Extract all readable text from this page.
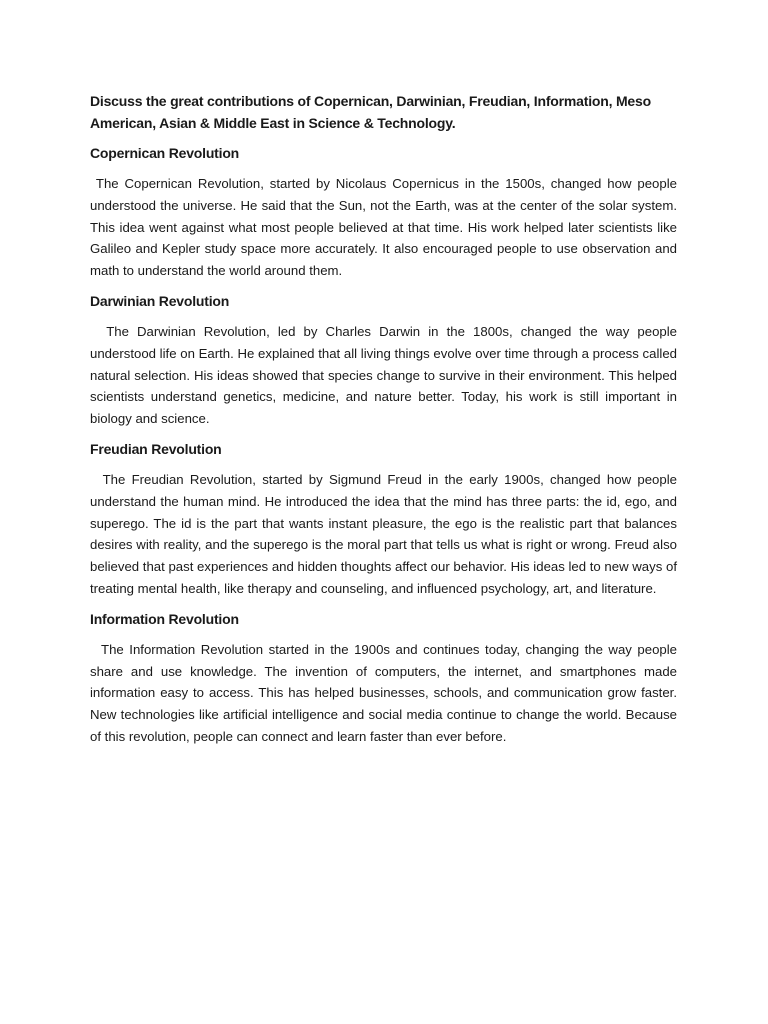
Discuss the great contributions of Copernican, Darwinian, Freudian, Information, Meso American, Asian & Middle East in Science & Technology.

Copernican Revolution

The Copernican Revolution, started by Nicolaus Copernicus in the 1500s, changed how people understood the universe. He said that the Sun, not the Earth, was at the center of the solar system. This idea went against what most people believed at that time. His work helped later scientists like Galileo and Kepler study space more accurately. It also encouraged people to use observation and math to understand the world around them.

Darwinian Revolution

The Darwinian Revolution, led by Charles Darwin in the 1800s, changed the way people understood life on Earth. He explained that all living things evolve over time through a process called natural selection. His ideas showed that species change to survive in their environment. This helped scientists understand genetics, medicine, and nature better. Today, his work is still important in biology and science.

Freudian Revolution

The Freudian Revolution, started by Sigmund Freud in the early 1900s, changed how people understand the human mind. He introduced the idea that the mind has three parts: the id, ego, and superego. The id is the part that wants instant pleasure, the ego is the realistic part that balances desires with reality, and the superego is the moral part that tells us what is right or wrong. Freud also believed that past experiences and hidden thoughts affect our behavior. His ideas led to new ways of treating mental health, like therapy and counseling, and influenced psychology, art, and literature.

Information Revolution

The Information Revolution started in the 1900s and continues today, changing the way people share and use knowledge. The invention of computers, the internet, and smartphones made information easy to access. This has helped businesses, schools, and communication grow faster. New technologies like artificial intelligence and social media continue to change the world. Because of this revolution, people can connect and learn faster than ever before.
